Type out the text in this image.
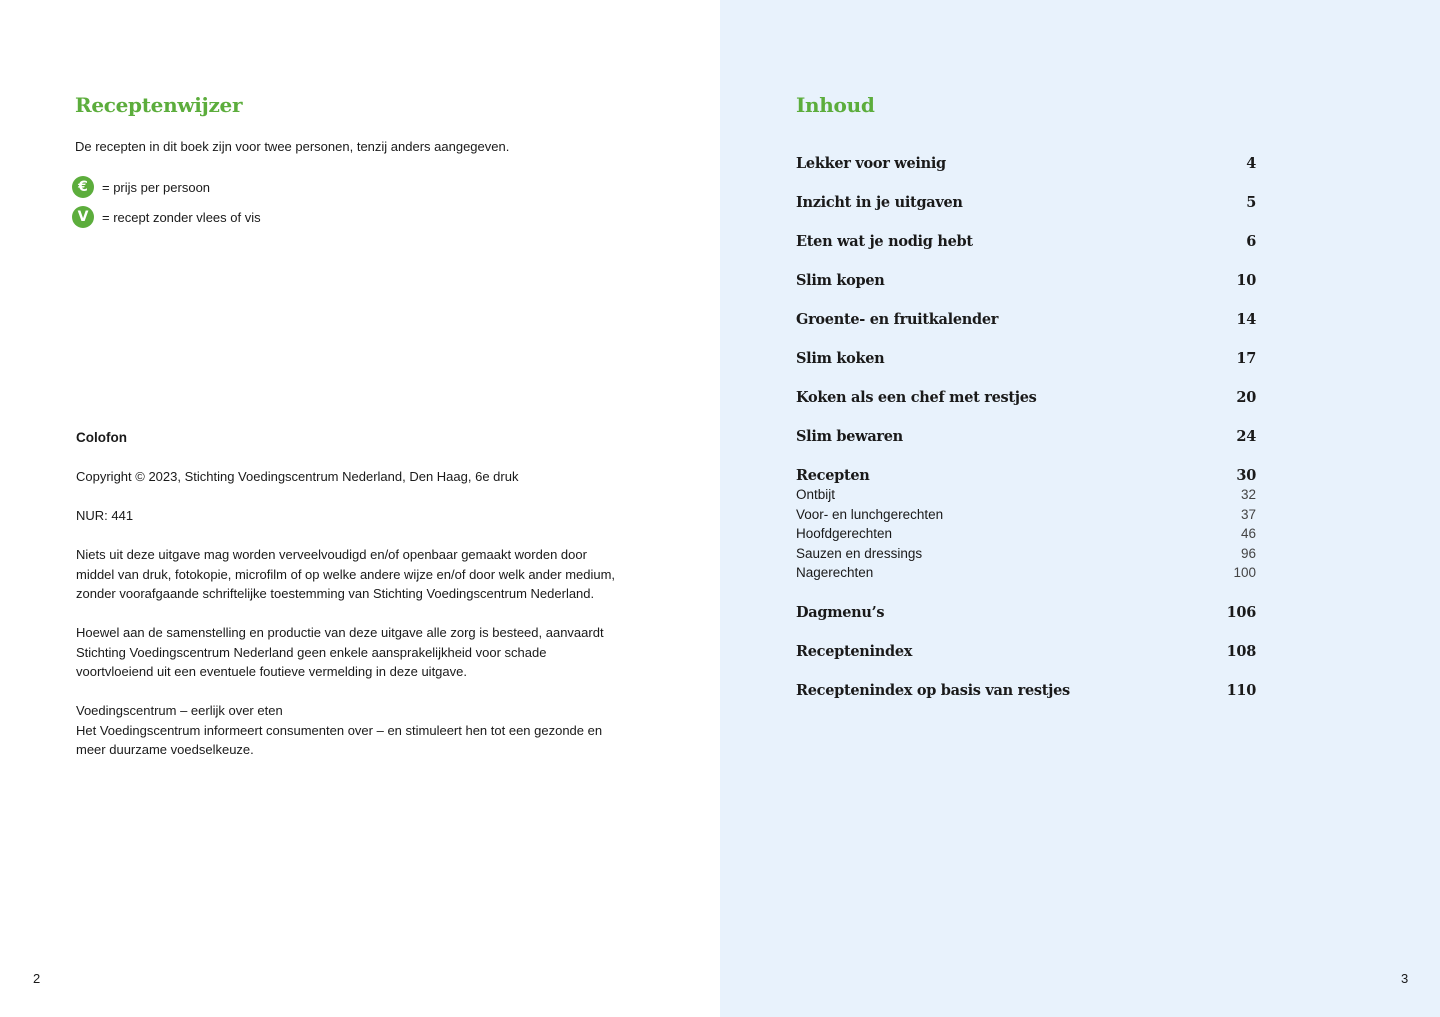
Receptenwijzer
De recepten in dit boek zijn voor twee personen, tenzij anders aangegeven.
€	= prijs per persoon
V	= recept zonder vlees of vis
Colofon

Copyright © 2023, Stichting Voedingscentrum Nederland, Den Haag, 6e druk

NUR: 441

Niets uit deze uitgave mag worden verveelvoudigd en/of openbaar gemaakt worden door middel van druk, fotokopie, microfilm of op welke andere wijze en/of door welk ander medium, zonder voorafgaande schriftelijke toestemming van Stichting Voedingscentrum Nederland.

Hoewel aan de samenstelling en productie van deze uitgave alle zorg is besteed, aanvaardt Stichting Voedingscentrum Nederland geen enkele aansprakelijkheid voor schade voortvloeiend uit een eventuele foutieve vermelding in deze uitgave.

Voedingscentrum – eerlijk over eten

Het Voedingscentrum informeert consumenten over – en stimuleert hen tot een gezonde en meer duurzame voedselkeuze.

2
Inhoud
3
Lekker voor weinig	4
Inzicht in je uitgaven	5
Eten wat je nodig hebt	6
Slim kopen	10
Groente- en fruitkalender	14
Slim koken	17
Koken als een chef met restjes	20
Slim bewaren	24
Recepten	30
Ontbijt	32
Voor- en lunchgerechten	37
Hoofdgerechten	46
Sauzen en dressings	96
Nagerechten	100
Dagmenu’s	106
Receptenindex	108
Receptenindex op basis van restjes	110
